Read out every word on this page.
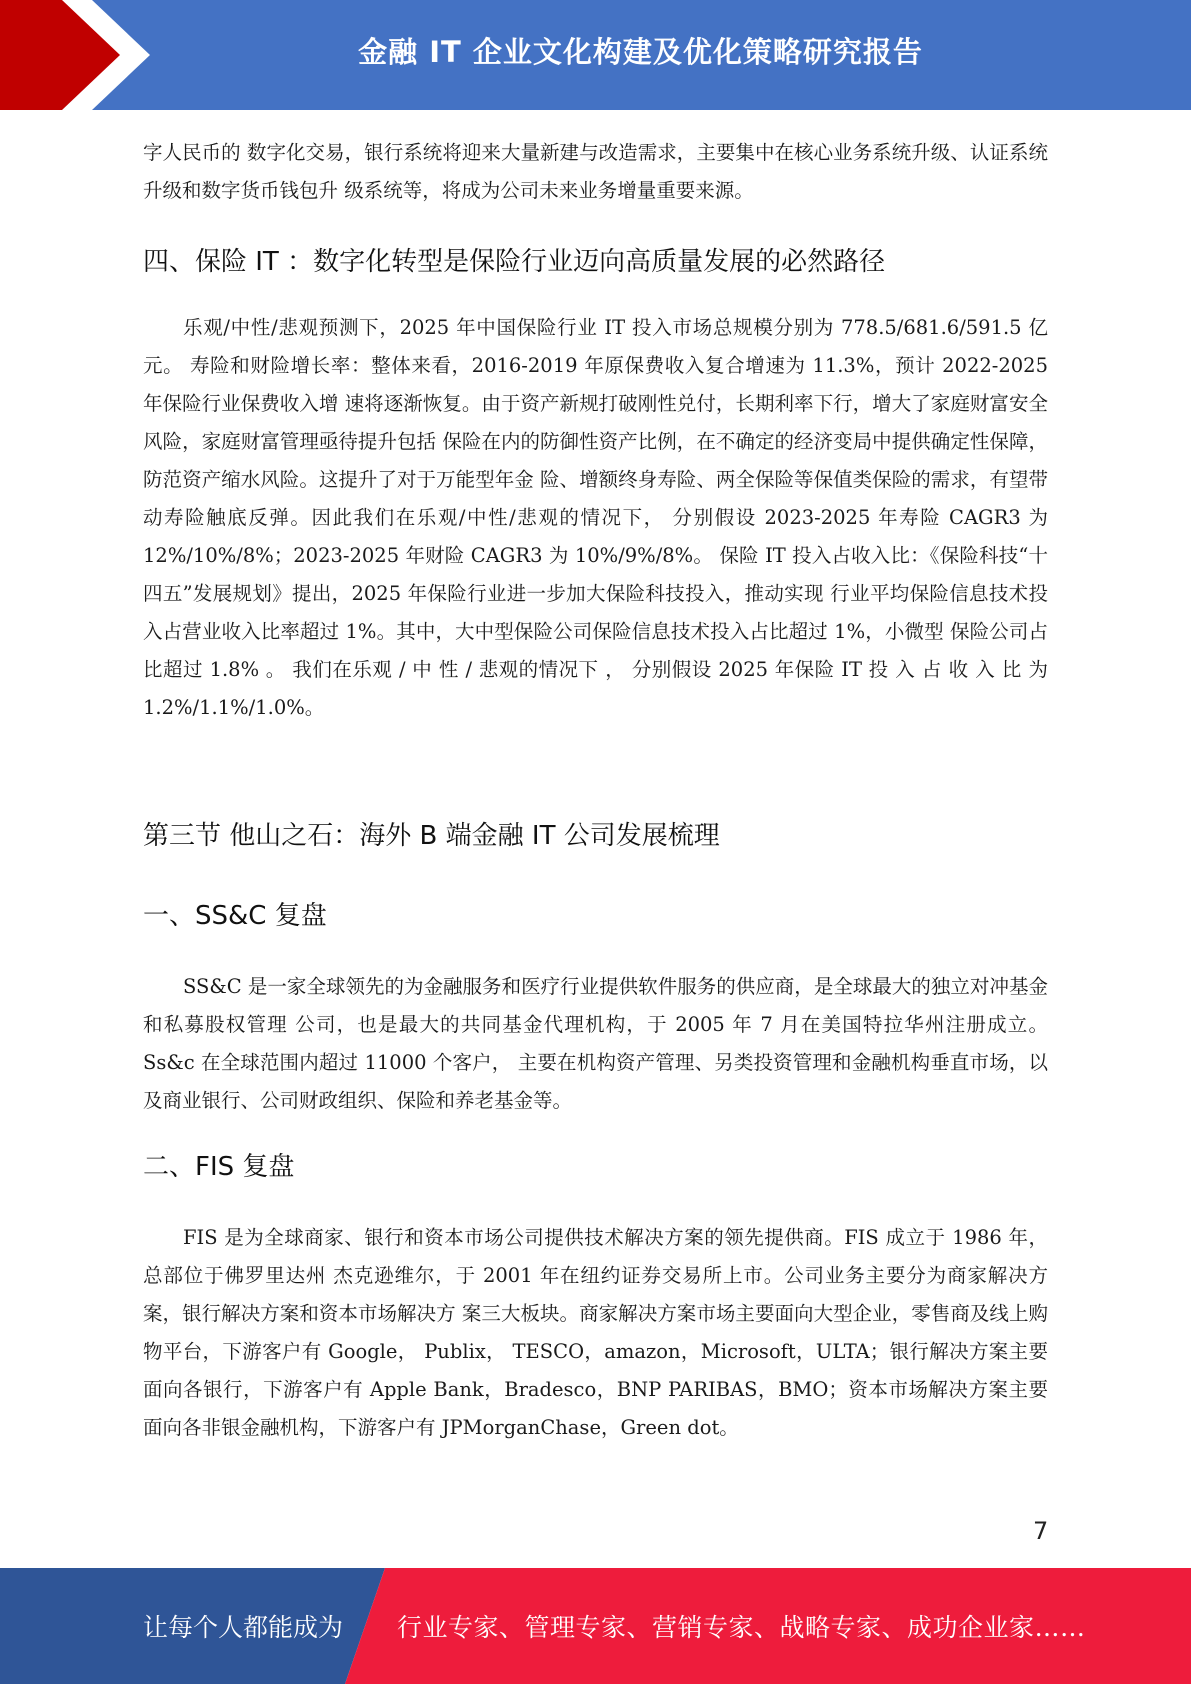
金融 IT 企业文化构建及优化策略研究报告

字人民币的 数字化交易，银行系统将迎来大量新建与改造需求，主要集中在核心业务系统升级、认证系统升级和数字货币钱包升 级系统等，将成为公司未来业务增量重要来源。

四、保险 IT ：数字化转型是保险行业迈向高质量发展的必然路径

乐观/中性/悲观预测下，2025 年中国保险行业 IT 投入市场总规模分别为 778.5/681.6/591.5 亿元。 寿险和财险增长率：整体来看，2016-2019 年原保费收入复合增速为 11.3%，预计 2022-2025 年保险行业保费收入增 速将逐渐恢复。由于资产新规打破刚性兑付，长期利率下行，增大了家庭财富安全风险，家庭财富管理亟待提升包括 保险在内的防御性资产比例，在不确定的经济变局中提供确定性保障，防范资产缩水风险。这提升了对于万能型年金 险、增额终身寿险、两全保险等保值类保险的需求，有望带动寿险触底反弹。因此我们在乐观/中性/悲观的情况下， 分别假设 2023-2025 年寿险 CAGR3 为 12%/10%/8%；2023-2025 年财险 CAGR3 为 10%/9%/8%。 保险 IT 投入占收入比：《保险科技“十四五”发展规划》提出，2025 年保险行业进一步加大保险科技投入，推动实现 行业平均保险信息技术投入占营业收入比率超过 1%。其中，大中型保险公司保险信息技术投入占比超过 1%，小微型 保险公司占比超过 1.8% 。 我们在乐观 / 中 性 / 悲观的情况下 ， 分别假设 2025 年保险 IT 投 入 占 收 入 比 为 1.2%/1.1%/1.0%。

第三节 他山之石：海外 B 端金融 IT 公司发展梳理
一、SS&C 复盘

SS&C 是一家全球领先的为金融服务和医疗行业提供软件服务的供应商，是全球最大的独立对冲基金和私募股权管理 公司，也是最大的共同基金代理机构，于 2005 年 7 月在美国特拉华州注册成立。Ss&c 在全球范围内超过 11000 个客户， 主要在机构资产管理、另类投资管理和金融机构垂直市场，以及商业银行、公司财政组织、保险和养老基金等。

二、FIS 复盘

FIS 是为全球商家、银行和资本市场公司提供技术解决方案的领先提供商。FIS 成立于 1986 年，总部位于佛罗里达州 杰克逊维尔，于 2001 年在纽约证券交易所上市。公司业务主要分为商家解决方案，银行解决方案和资本市场解决方 案三大板块。商家解决方案市场主要面向大型企业，零售商及线上购物平台，下游客户有 Google， Publix， TESCO，amazon，Microsoft，ULTA；银行解决方案主要面向各银行，下游客户有 Apple Bank，Bradesco，BNP PARIBAS，BMO；资本市场解决方案主要面向各非银金融机构，下游客户有 JPMorganChase，Green dot。

7
让每个人都能成为 行业专家、管理专家、营销专家、战略专家、成功企业家……
